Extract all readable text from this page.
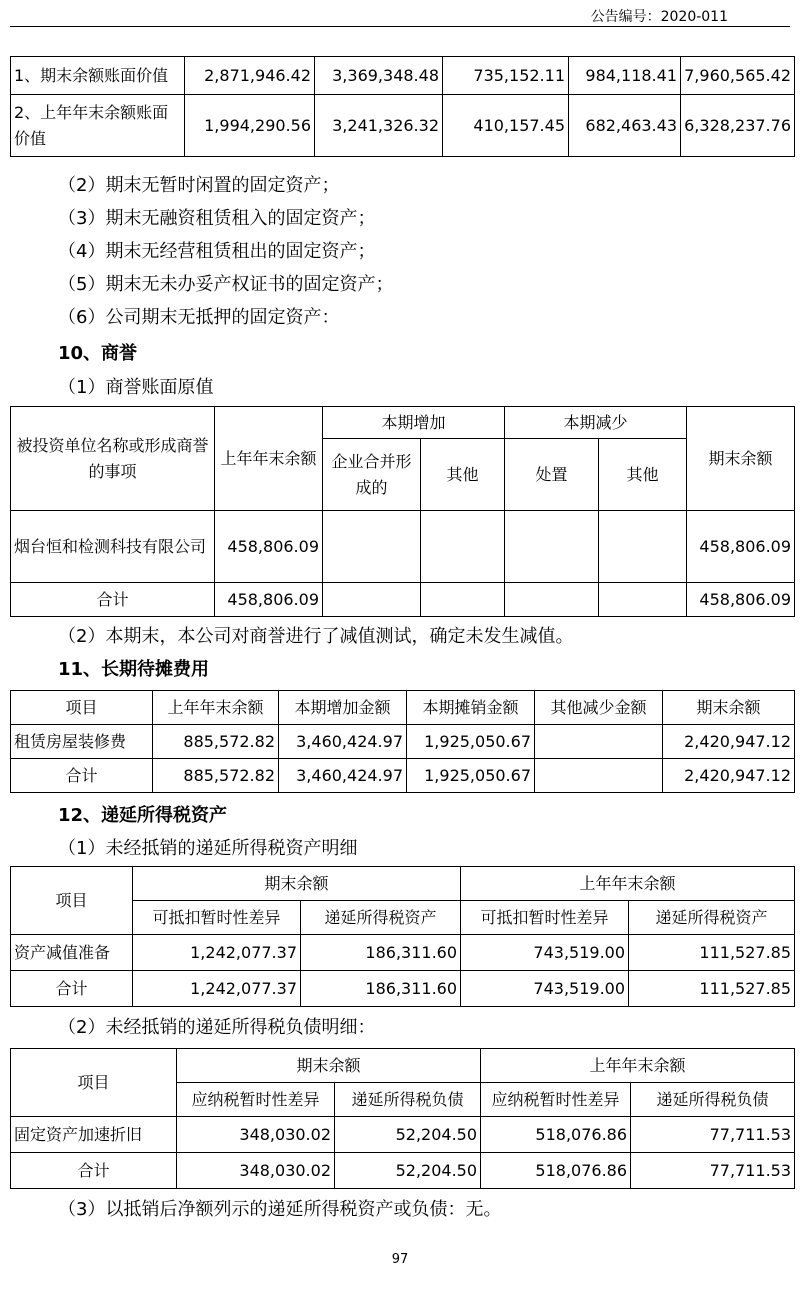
公告编号：2020-011
1、期末余额账面价值	2,871,946.42	3,369,348.48	735,152.11	984,118.41	7,960,565.42
2、上年年末余额账面价值	1,994,290.56	3,241,326.32	410,157.45	682,463.43	6,328,237.76
（2）期末无暂时闲置的固定资产；
（3）期末无融资租赁租入的固定资产；
（4）期末无经营租赁租出的固定资产；
（5）期末无未办妥产权证书的固定资产；
（6）公司期末无抵押的固定资产：
10、商誉
（1）商誉账面原值
被投资单位名称或形成商誉的事项	上年年末余额	本期增加		本期减少		期末余额
		企业合并形成的	其他	处置	其他	
烟台恒和检测科技有限公司	458,806.09					458,806.09
合计	458,806.09					458,806.09
（2）本期末，本公司对商誉进行了减值测试，确定未发生减值。
11、长期待摊费用
项目	上年年末余额	本期增加金额	本期摊销金额	其他减少金额	期末余额
租赁房屋装修费	885,572.82	3,460,424.97	1,925,050.67		2,420,947.12
合计	885,572.82	3,460,424.97	1,925,050.67		2,420,947.12
12、递延所得税资产
（1）未经抵销的递延所得税资产明细
项目	期末余额		上年年末余额	
	可抵扣暂时性差异	递延所得税资产	可抵扣暂时性差异	递延所得税资产
资产减值准备	1,242,077.37	186,311.60	743,519.00	111,527.85
合计	1,242,077.37	186,311.60	743,519.00	111,527.85
（2）未经抵销的递延所得税负债明细：
项目	期末余额		上年年末余额	
	应纳税暂时性差异	递延所得税负债	应纳税暂时性差异	递延所得税负债
固定资产加速折旧	348,030.02	52,204.50	518,076.86	77,711.53
合计	348,030.02	52,204.50	518,076.86	77,711.53
（3）以抵销后净额列示的递延所得税资产或负债：无。
97
